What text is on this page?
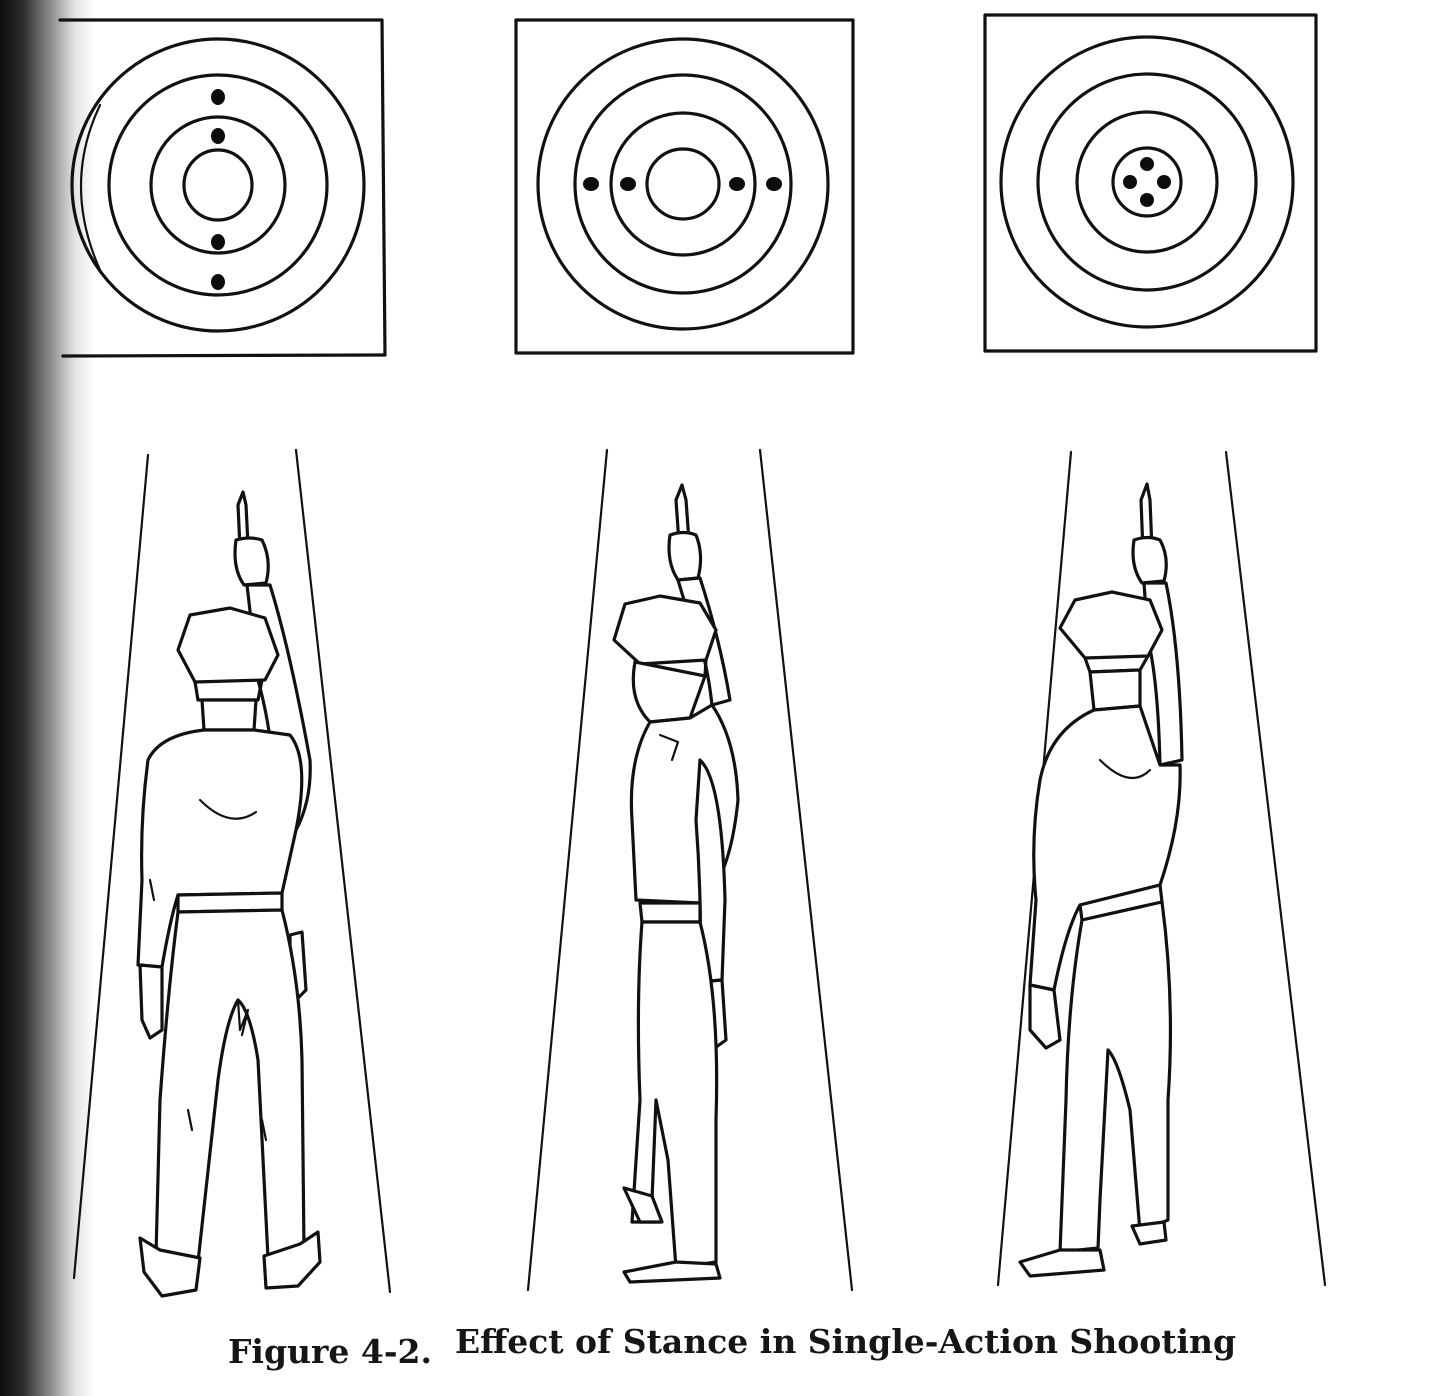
Figure 4-2. Effect of Stance in Single-Action Shooting
